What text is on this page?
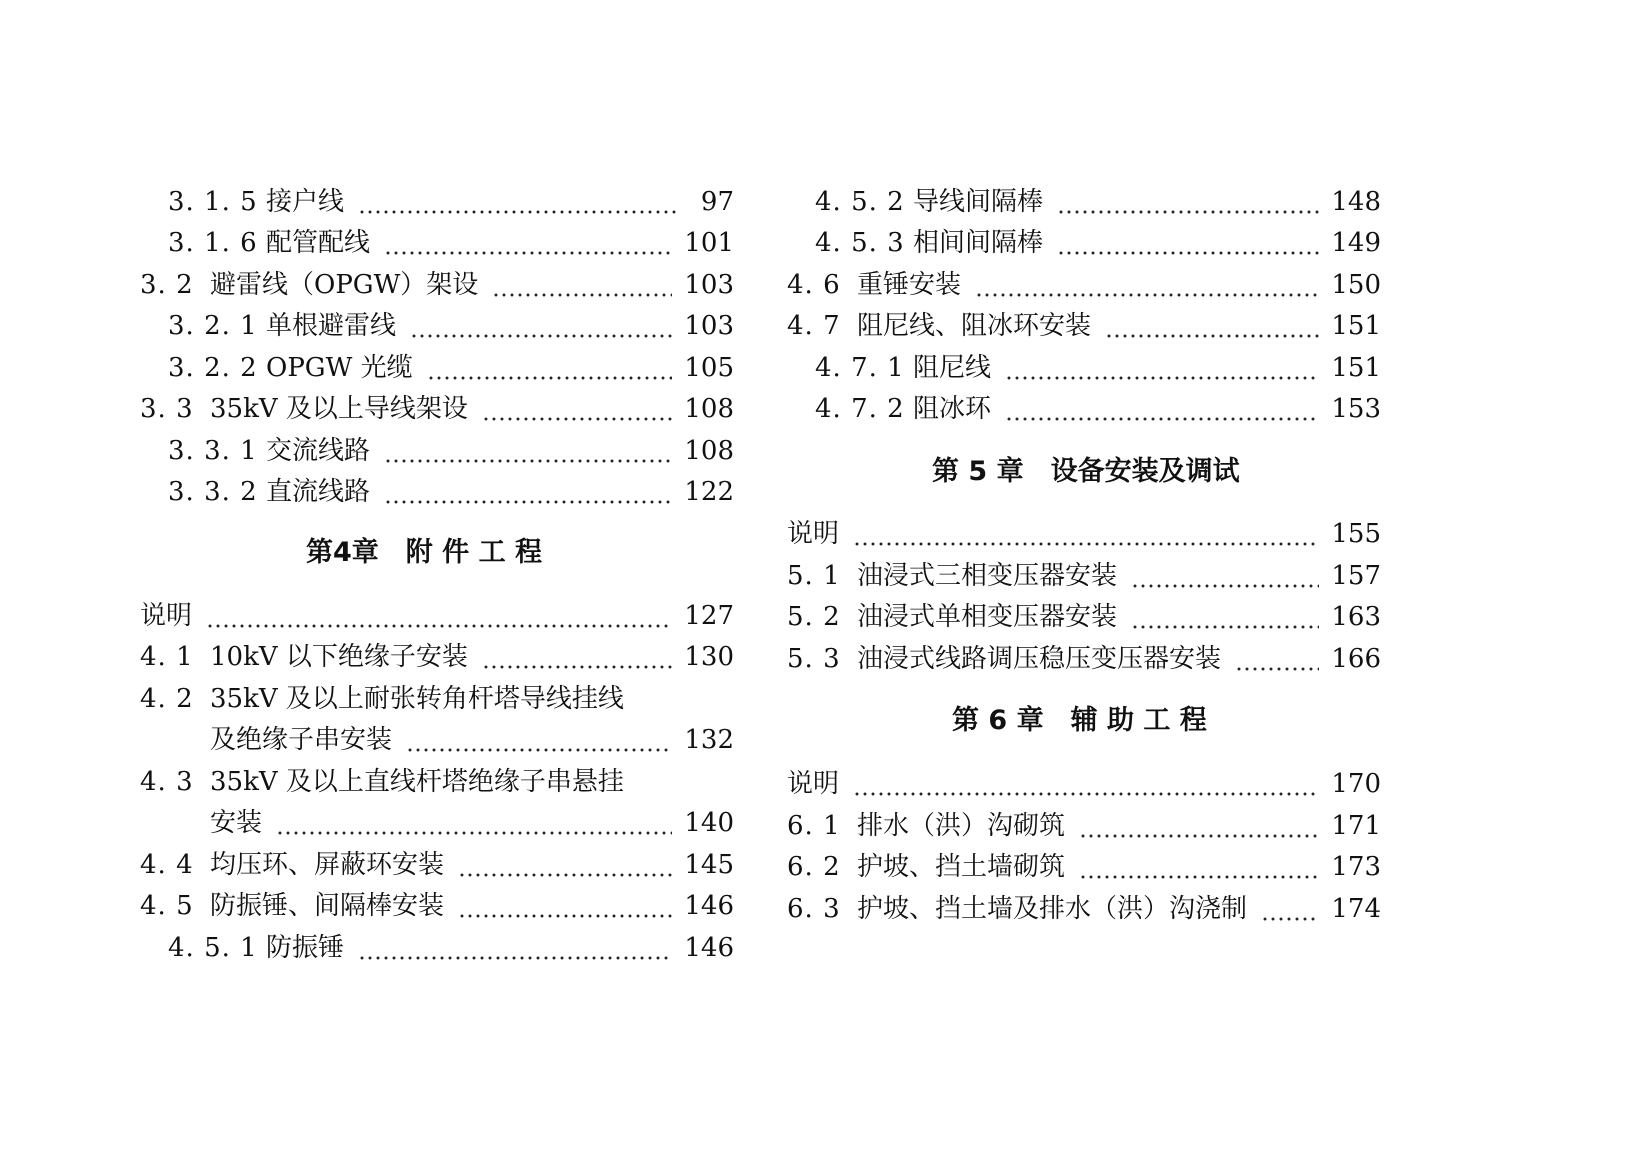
3. 1. 5 接户线	97
3. 1. 6 配管配线	101
3. 2 避雷线（OPGW）架设	103
3. 2. 1 单根避雷线	103
3. 2. 2 OPGW 光缆	105
3. 3 35kV 及以上导线架设	108
3. 3. 1 交流线路	108
3. 3. 2 直流线路	122
第4章　附 件 工 程
说明	127
4. 1 10kV 以下绝缘子安装	130
4. 2 35kV 及以上耐张转角杆塔导线挂线
及绝缘子串安装	132
4. 3 35kV 及以上直线杆塔绝缘子串悬挂
安装	140
4. 4 均压环、屏蔽环安装	145
4. 5 防振锤、间隔棒安装	146
4. 5. 1 防振锤	146
4. 5. 2 导线间隔棒	148
4. 5. 3 相间间隔棒	149
4. 6 重锤安装	150
4. 7 阻尼线、阻冰环安装	151
4. 7. 1 阻尼线	151
4. 7. 2 阻冰环	153
第 5 章　设备安装及调试
说明	155
5. 1 油浸式三相变压器安装	157
5. 2 油浸式单相变压器安装	163
5. 3 油浸式线路调压稳压变压器安装	166
第 6 章　辅 助 工 程
说明	170
6. 1 排水（洪）沟砌筑	171
6. 2 护坡、挡土墙砌筑	173
6. 3 护坡、挡土墙及排水（洪）沟浇制	174
